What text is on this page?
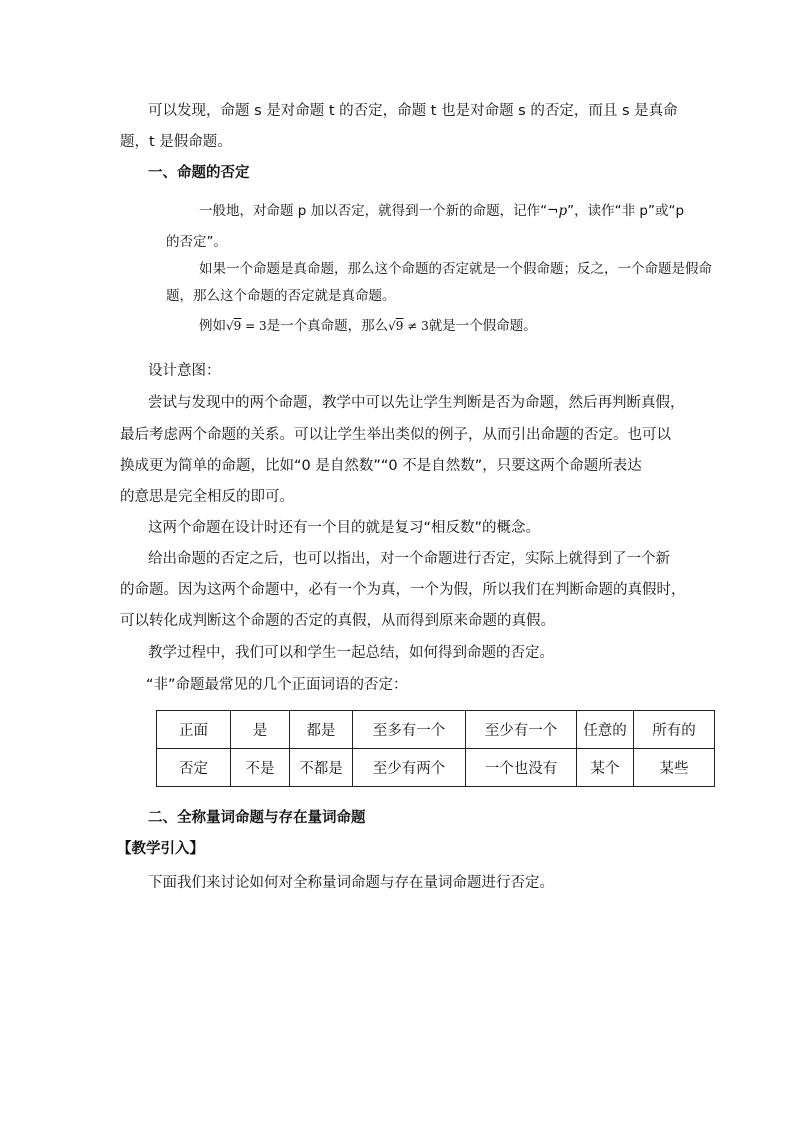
可以发现，命题 s 是对命题 t 的否定，命题 t 也是对命题 s 的否定，而且 s 是真命
题，t 是假命题。
一、命题的否定
一般地，对命题 p 加以否定，就得到一个新的命题，记作“¬p”，读作“非 p”或“p
的否定”。
如果一个命题是真命题，那么这个命题的否定就是一个假命题；反之，一个命题是假命
题，那么这个命题的否定就是真命题。
例如√9 = 3是一个真命题，那么√9 ≠ 3就是一个假命题。
设计意图：
尝试与发现中的两个命题，教学中可以先让学生判断是否为命题，然后再判断真假，
最后考虑两个命题的关系。可以让学生举出类似的例子，从而引出命题的否定。也可以
换成更为简单的命题，比如“0 是自然数”“0 不是自然数”，只要这两个命题所表达
的意思是完全相反的即可。
这两个命题在设计时还有一个目的就是复习“相反数”的概念。
给出命题的否定之后，也可以指出，对一个命题进行否定，实际上就得到了一个新
的命题。因为这两个命题中，必有一个为真，一个为假，所以我们在判断命题的真假时，
可以转化成判断这个命题的否定的真假，从而得到原来命题的真假。
教学过程中，我们可以和学生一起总结，如何得到命题的否定。
“非”命题最常见的几个正面词语的否定：
正面	是	都是	至多有一个	至少有一个	任意的	所有的
否定	不是	不都是	至少有两个	一个也没有	某个	某些
二、全称量词命题与存在量词命题
【教学引入】
下面我们来讨论如何对全称量词命题与存在量词命题进行否定。
